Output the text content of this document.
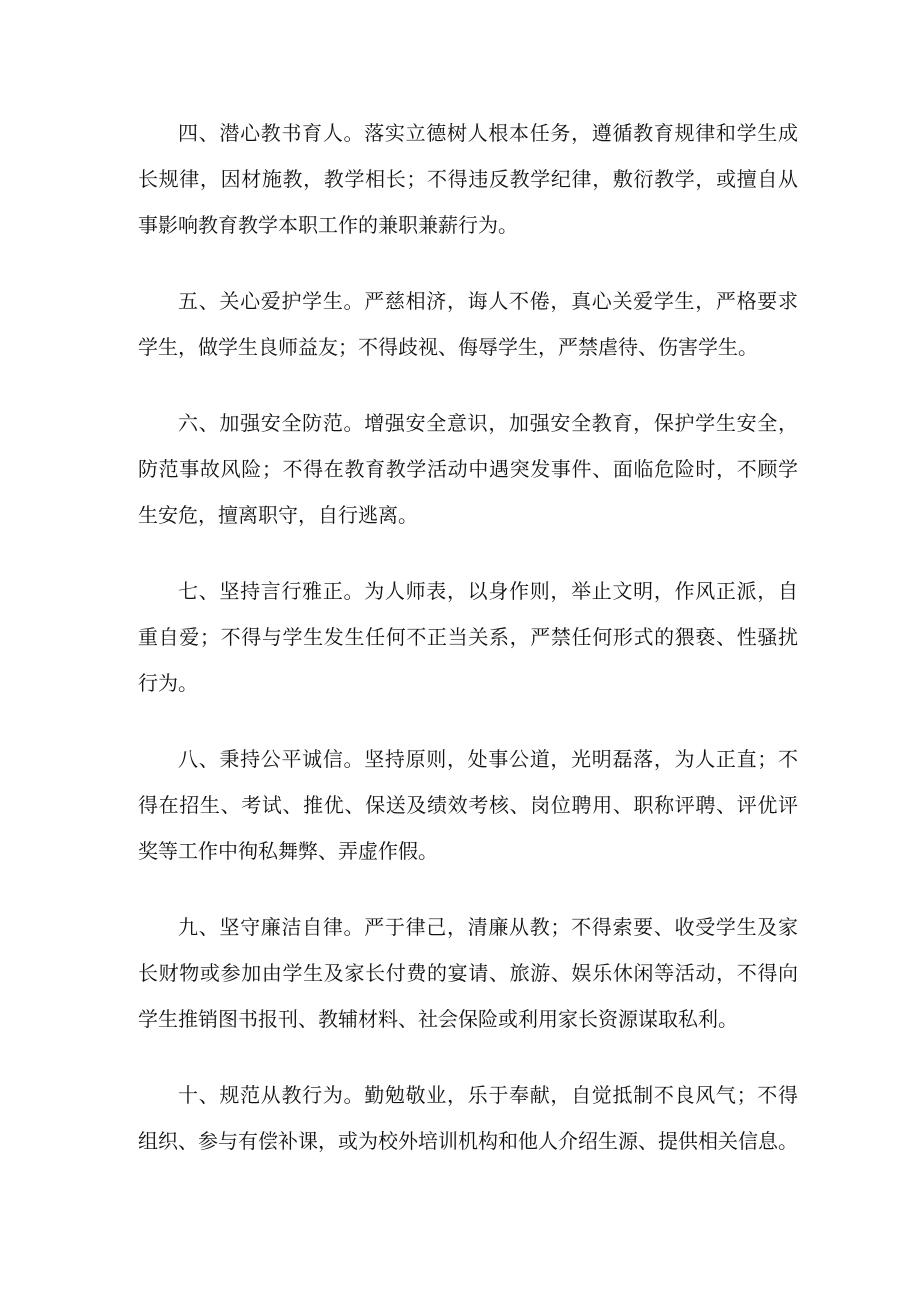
四、潜心教书育人。落实立德树人根本任务，遵循教育规律和学生成
长规律，因材施教，教学相长；不得违反教学纪律，敷衍教学，或擅自从
事影响教育教学本职工作的兼职兼薪行为。

五、关心爱护学生。严慈相济，诲人不倦，真心关爱学生，严格要求
学生，做学生良师益友；不得歧视、侮辱学生，严禁虐待、伤害学生。

六、加强安全防范。增强安全意识，加强安全教育，保护学生安全，
防范事故风险；不得在教育教学活动中遇突发事件、面临危险时，不顾学
生安危，擅离职守，自行逃离。

七、坚持言行雅正。为人师表，以身作则，举止文明，作风正派，自
重自爱；不得与学生发生任何不正当关系，严禁任何形式的猥亵、性骚扰
行为。

八、秉持公平诚信。坚持原则，处事公道，光明磊落，为人正直；不
得在招生、考试、推优、保送及绩效考核、岗位聘用、职称评聘、评优评
奖等工作中徇私舞弊、弄虚作假。

九、坚守廉洁自律。严于律己，清廉从教；不得索要、收受学生及家
长财物或参加由学生及家长付费的宴请、旅游、娱乐休闲等活动，不得向
学生推销图书报刊、教辅材料、社会保险或利用家长资源谋取私利。

十、规范从教行为。勤勉敬业，乐于奉献，自觉抵制不良风气；不得
组织、参与有偿补课，或为校外培训机构和他人介绍生源、提供相关信息。
